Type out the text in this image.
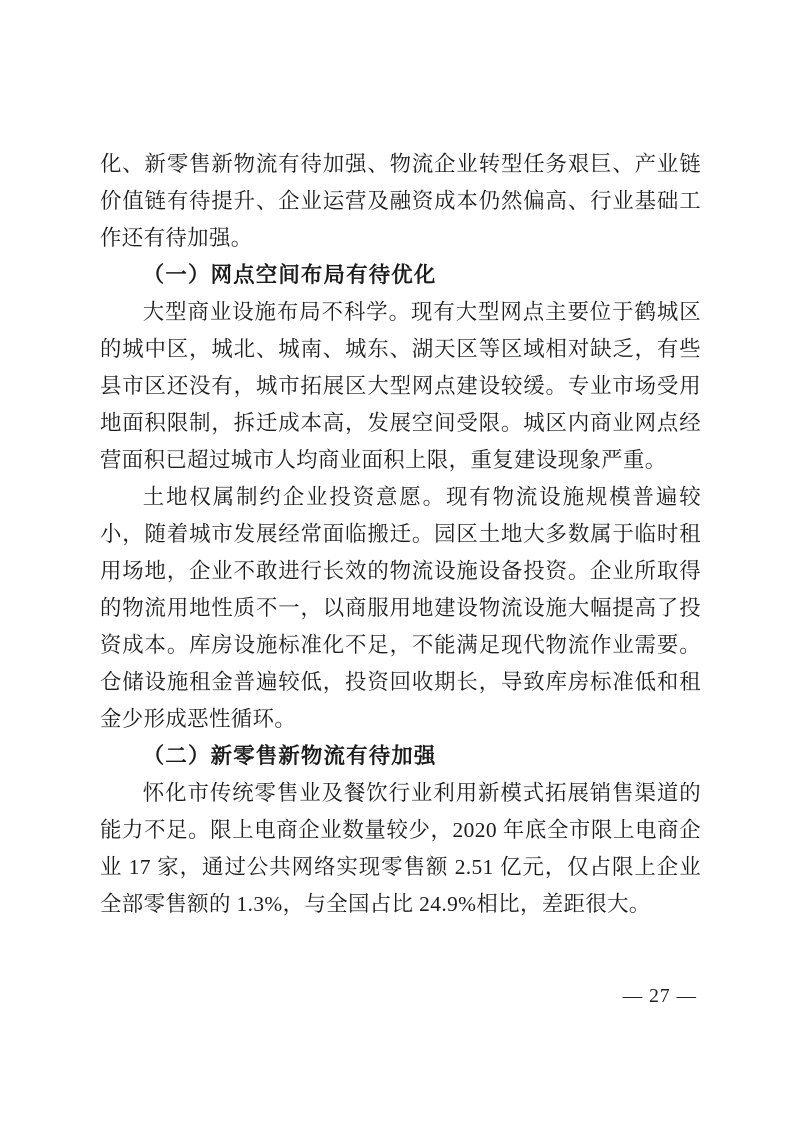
化、新零售新物流有待加强、物流企业转型任务艰巨、产业链价值链有待提升、企业运营及融资成本仍然偏高、行业基础工作还有待加强。

（一）网点空间布局有待优化

大型商业设施布局不科学。现有大型网点主要位于鹤城区的城中区，城北、城南、城东、湖天区等区域相对缺乏，有些县市区还没有，城市拓展区大型网点建设较缓。专业市场受用地面积限制，拆迁成本高，发展空间受限。城区内商业网点经营面积已超过城市人均商业面积上限，重复建设现象严重。

土地权属制约企业投资意愿。现有物流设施规模普遍较小，随着城市发展经常面临搬迁。园区土地大多数属于临时租用场地，企业不敢进行长效的物流设施设备投资。企业所取得的物流用地性质不一，以商服用地建设物流设施大幅提高了投资成本。库房设施标准化不足，不能满足现代物流作业需要。仓储设施租金普遍较低，投资回收期长，导致库房标准低和租金少形成恶性循环。

（二）新零售新物流有待加强

怀化市传统零售业及餐饮行业利用新模式拓展销售渠道的能力不足。限上电商企业数量较少，2020 年底全市限上电商企业 17 家，通过公共网络实现零售额 2.51 亿元，仅占限上企业全部零售额的 1.3%，与全国占比 24.9%相比，差距很大。

— 27 —
